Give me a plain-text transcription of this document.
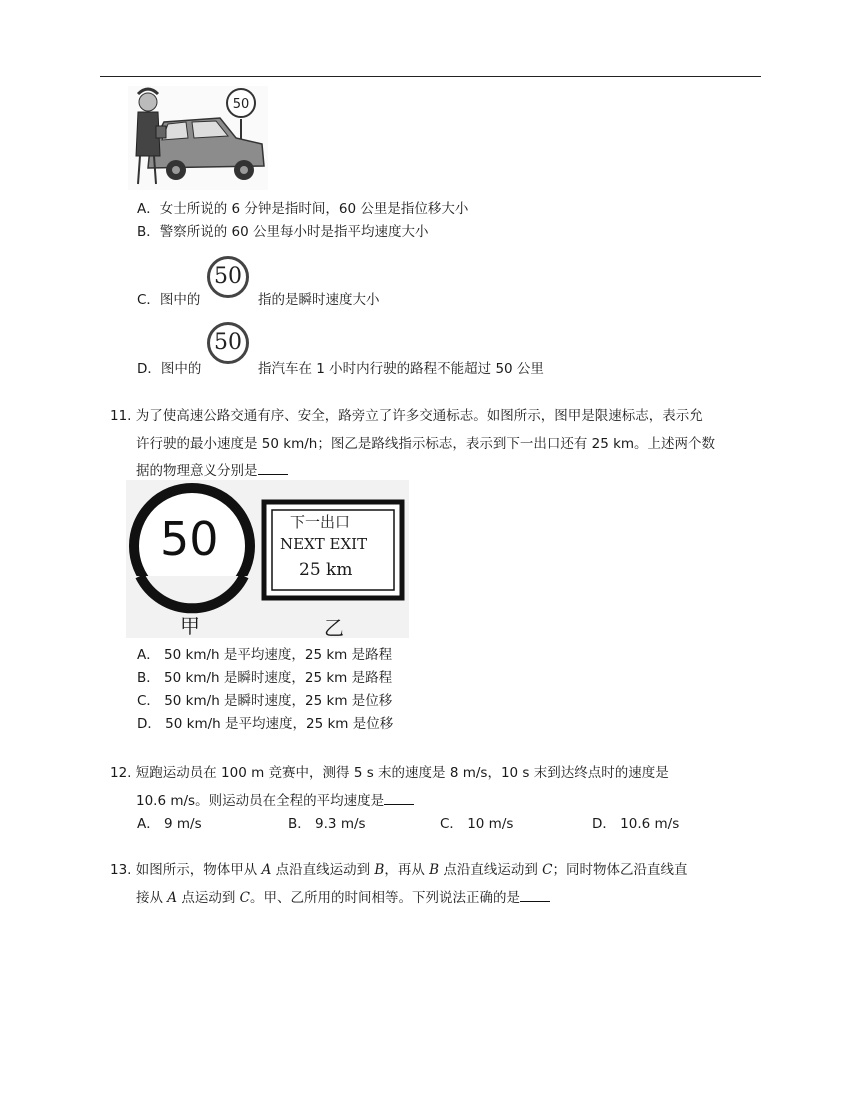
50
A．女士所说的 6 分钟是指时间，60 公里是指位移大小
B．警察所说的 60 公里每小时是指平均速度大小
C．图中的
50
指的是瞬时速度大小
D．图中的
50
指汽车在 1 小时内行驶的路程不能超过 50 公里
11. 为了使高速公路交通有序、安全，路旁立了许多交通标志。如图所示，图甲是限速标志，表示允
许行驶的最小速度是 50 km/h；图乙是路线指示标志，表示到下一出口还有 25 km。上述两个数
据的物理意义分别是
50	下一出口
NEXT EXIT
25 km
甲	乙
A． 50 km/h 是平均速度，25 km 是路程
B． 50 km/h 是瞬时速度，25 km 是路程
C． 50 km/h 是瞬时速度，25 km 是位移
D． 50 km/h 是平均速度，25 km 是位移
12. 短跑运动员在 100 m 竞赛中，测得 5 s 末的速度是 8 m/s，10 s 末到达终点时的速度是
10.6 m/s。则运动员在全程的平均速度是
A． 9 m/s	B． 9.3 m/s	C． 10 m/s	D． 10.6 m/s
13. 如图所示，物体甲从 A 点沿直线运动到 B，再从 B 点沿直线运动到 C；同时物体乙沿直线直
接从 A 点运动到 C。甲、乙所用的时间相等。下列说法正确的是
